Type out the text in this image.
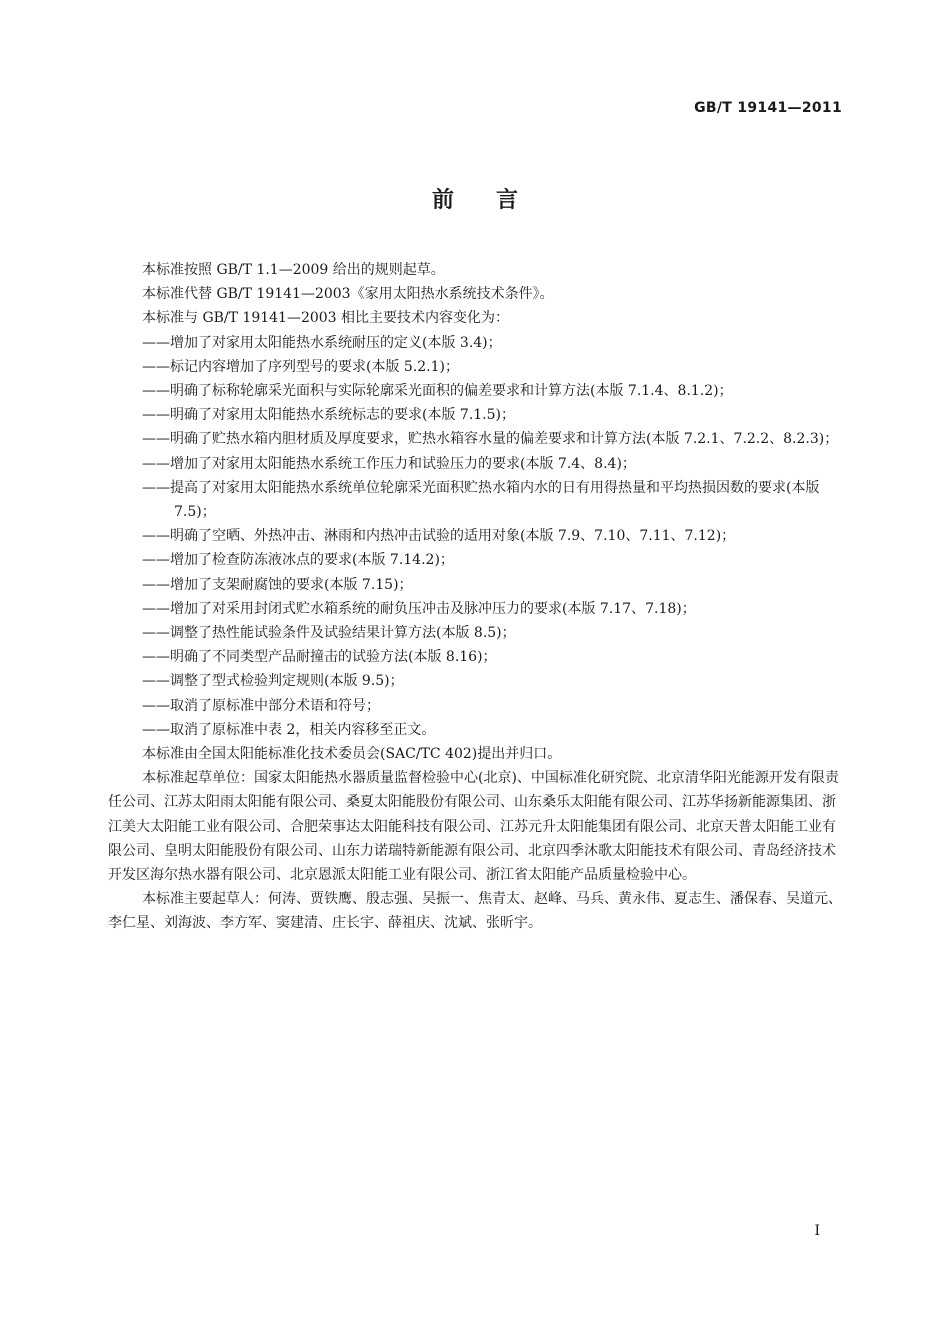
GB/T 19141—2011
前言

本标准按照 GB/T 1.1—2009 给出的规则起草。

本标准代替 GB/T 19141—2003《家用太阳热水系统技术条件》。

本标准与 GB/T 19141—2003 相比主要技术内容变化为：

——增加了对家用太阳能热水系统耐压的定义(本版 3.4)；

——标记内容增加了序列型号的要求(本版 5.2.1)；

——明确了标称轮廓采光面积与实际轮廓采光面积的偏差要求和计算方法(本版 7.1.4、8.1.2)；

——明确了对家用太阳能热水系统标志的要求(本版 7.1.5)；

——明确了贮热水箱内胆材质及厚度要求，贮热水箱容水量的偏差要求和计算方法(本版 7.2.1、7.2.2、8.2.3)；

——增加了对家用太阳能热水系统工作压力和试验压力的要求(本版 7.4、8.4)；

——提高了对家用太阳能热水系统单位轮廓采光面积贮热水箱内水的日有用得热量和平均热损因数的要求(本版 7.5)；

——明确了空晒、外热冲击、淋雨和内热冲击试验的适用对象(本版 7.9、7.10、7.11、7.12)；

——增加了检查防冻液冰点的要求(本版 7.14.2)；

——增加了支架耐腐蚀的要求(本版 7.15)；

——增加了对采用封闭式贮水箱系统的耐负压冲击及脉冲压力的要求(本版 7.17、7.18)；

——调整了热性能试验条件及试验结果计算方法(本版 8.5)；

——明确了不同类型产品耐撞击的试验方法(本版 8.16)；

——调整了型式检验判定规则(本版 9.5)；

——取消了原标准中部分术语和符号；

——取消了原标准中表 2，相关内容移至正文。

本标准由全国太阳能标准化技术委员会(SAC/TC 402)提出并归口。

本标准起草单位：国家太阳能热水器质量监督检验中心(北京)、中国标准化研究院、北京清华阳光能源开发有限责任公司、江苏太阳雨太阳能有限公司、桑夏太阳能股份有限公司、山东桑乐太阳能有限公司、江苏华扬新能源集团、浙江美大太阳能工业有限公司、合肥荣事达太阳能科技有限公司、江苏元升太阳能集团有限公司、北京天普太阳能工业有限公司、皇明太阳能股份有限公司、山东力诺瑞特新能源有限公司、北京四季沐歌太阳能技术有限公司、青岛经济技术开发区海尔热水器有限公司、北京恩派太阳能工业有限公司、浙江省太阳能产品质量检验中心。

本标准主要起草人：何涛、贾铁鹰、殷志强、吴振一、焦青太、赵峰、马兵、黄永伟、夏志生、潘保春、吴道元、李仁星、刘海波、李方军、窦建清、庄长宇、薛祖庆、沈斌、张昕宇。

I
